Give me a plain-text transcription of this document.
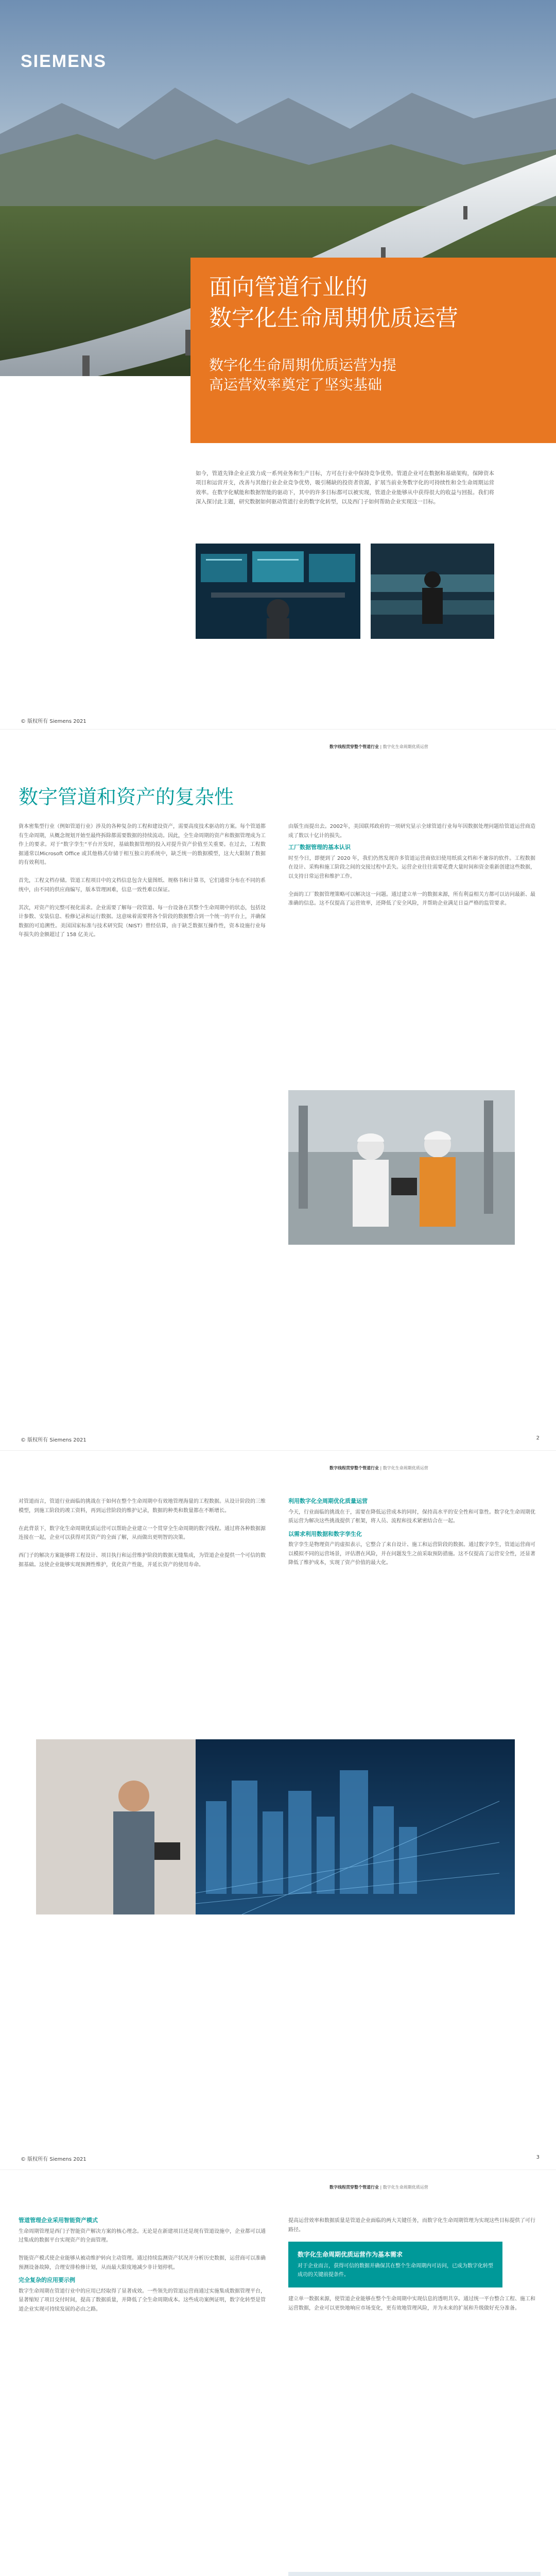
SIEMENS
面向管道行业的
数字化生命周期优质运营
数字化生命周期优质运营为提高运营效率奠定了坚实基础
如今，管道先锋企业正致力成一系列业务和生产目标，方可在行业中保持竞争优势。管道企业可在数据和基础架构，保障资本项目和运营开支，改善与其他行业企业竞争优势，吸引稀缺的投资者资源，扩展当前业务数字化的可持续性和全生命周期运营效率。在数字化赋能和数据智能的驱动下，其中的许多目标都可以被实现，管道企业能够从中获得很大的收益与回报。我们将深入探讨此主题，研究数据如何驱动管道行业的数字化转型，以及西门子如何帮助企业实现这一目标。
© 版权所有 Siemens 2021
数字线程贯穿整个管道行业 | 数字化生命周期优质运营
数字管道和资产的复杂性
資本密集型行业（例如管道行业）涉及的各种复杂的工程和建设资产，需要高度技术驱动的方案。每个管道都有生命周期，从概念规划开始至最终拆除都需要数据的持续流动。因此，全生命周期的资产和数据管理成为工作上的要求。对于“数字孪生”平台开发时，基础数据管理的投入对提升资产价值至关重要。在过去，工程数据通常以Microsoft Office 或其他格式存储于相互独立的系统中，缺乏统一的数据模型，这大大限制了数据的有效利用。

首先，工程文档存储。管道工程项目中的文档信息包含大量图纸、规格书和计算书，它们通常分布在不同的系统中，由不同的供应商编写，版本管理困难，信息一致性难以保证。

其次，对资产的完整可视化需求。企业需要了解每一段管道、每一台设备在其整个生命周期中的状态，包括设计参数、安装信息、检修记录和运行数据。这意味着需要将各个阶段的数据整合到一个统一的平台上，并确保数据的可追溯性。美国国家标准与技术研究院（NIST）曾经估算，由于缺乏数据互操作性，资本设施行业每年损失的金额超过了 158 亿美元。
由版生而提出去。2002年，美国联邦政府的一项研究显示全球管道行业每年因数据处理问题给管道运营商造成了数以十亿计的损失。
工厂数据管理的基本认识
时至今日，即便到了 2020 年，我们仍然发现许多管道运营商依旧使用纸质文档和不兼容的软件。工程数据在设计、采购和施工阶段之间的交接过程中丢失。运营企业往往需要花费大量时间和资金重新创建这些数据，以支持日常运营和维护工作。

全面的工厂数据管理策略可以解决这一问题。通过建立单一的数据来源，所有利益相关方都可以访问最新、最准确的信息。这不仅提高了运营效率，还降低了安全风险，并帮助企业满足日益严格的监管要求。
© 版权所有 Siemens 2021	2
数字线程贯穿整个管道行业 | 数字化生命周期优质运营
对管道而言，管道行业面临的挑战在于如何在整个生命周期中有效地管理海量的工程数据。从设计阶段的三维模型，到施工阶段的竣工资料，再到运营阶段的维护记录，数据的种类和数量都在不断增长。

在此背景下，数字化生命周期优质运营可以帮助企业建立一个贯穿全生命周期的数字线程。通过将各种数据源连接在一起，企业可以获得对其资产的全面了解，从而做出更明智的决策。

西门子的解决方案能够将工程设计、项目执行和运营维护阶段的数据无缝集成，为管道企业提供一个可信的数据基础。这使企业能够实现预测性维护，优化资产性能，并延长资产的使用寿命。
利用数字化全周期优化质量运营
今天，行业面临的挑战在于，需要在降低运营成本的同时，保持高水平的安全性和可靠性。数字化生命周期优质运营为解决这些挑战提供了框架，将人员、流程和技术紧密结合在一起。
以需求利用数据和数字孪生化
数字孪生是物理资产的虚拟表示，它整合了来自设计、施工和运营阶段的数据。通过数字孪生，管道运营商可以模拟不同的运营场景，评估潜在风险，并在问题发生之前采取预防措施。这不仅提高了运营安全性，还显著降低了维护成本，实现了资产价值的最大化。
© 版权所有 Siemens 2021	3
数字线程贯穿整个管道行业 | 数字化生命周期优质运营
管道管理企业采用智能资产模式
生命周期管理是西门子智能资产解决方案的核心理念。无论是在新建项目还是现有管道设施中，企业都可以通过集成的数据平台实现资产的全面管理。

智能资产模式使企业能够从被动维护转向主动管理。通过持续监测资产状况并分析历史数据，运营商可以准确预测设备故障，合理安排检修计划，从而最大限度地减少非计划停机。
完全复杂的应用要示例
数字生命周期在管道行业中的应用已经取得了显著成效。一些领先的管道运营商通过实施集成数据管理平台，显著缩短了项目交付时间，提高了数据质量，并降低了全生命周期成本。这些成功案例证明，数字化转型是管道企业实现可持续发展的必由之路。
提高运营效率和数据质量是管道企业面临的两大关键任务，而数字化生命周期管理为实现这些目标提供了可行路径。
数字化生命周期优质运营作为基本需求
对于企业而言，获得可信的数据并确保其在整个生命周期内可访问，已成为数字化转型成功的关键前提条件。
建立单一数据来源，使管道企业能够在整个生命周期中实现信息的透明共享。通过统一平台整合工程、施工和运营数据，企业可以更快地响应市场变化，更有效地管理风险，并为未来的扩展和升级做好充分准备。
